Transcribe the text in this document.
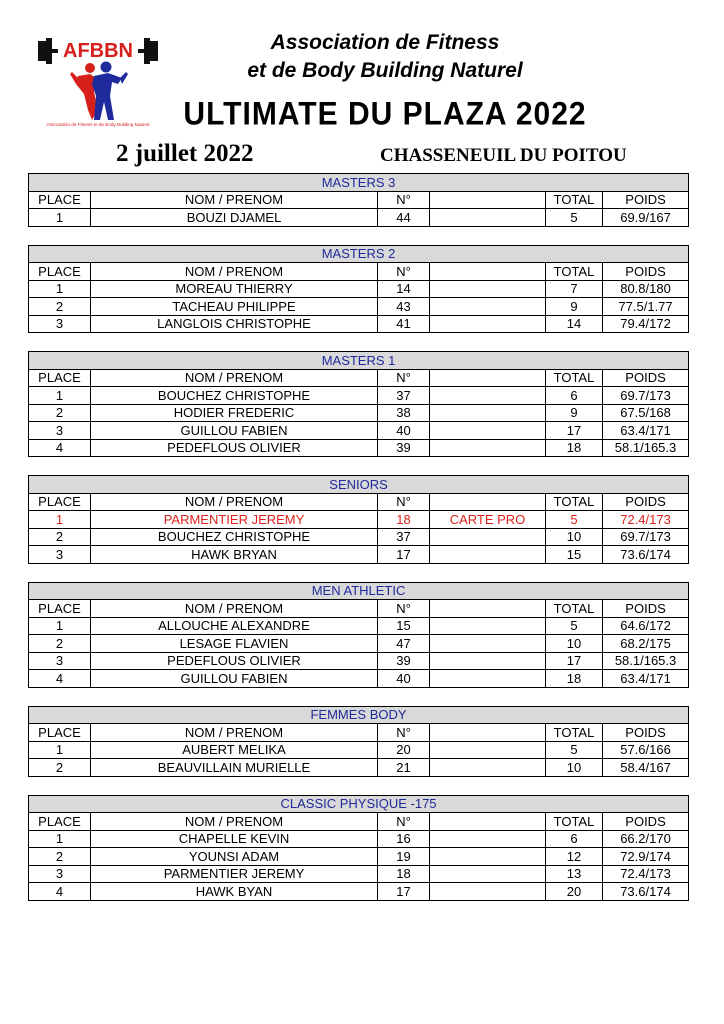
AFBBN
Association de Fitness et de Body Building Naturel
Association de Fitness
et de Body Building Naturel
ULTIMATE DU PLAZA 2022
2 juillet 2022	CHASSENEUIL DU POITOU
MASTERS 3					
PLACE	NOM / PRENOM	N°		TOTAL	POIDS
1	BOUZI DJAMEL	44		5	69.9/167
MASTERS 2					
PLACE	NOM / PRENOM	N°		TOTAL	POIDS
1	MOREAU THIERRY	14		7	80.8/180
2	TACHEAU PHILIPPE	43		9	77.5/1.77
3	LANGLOIS CHRISTOPHE	41		14	79.4/172
MASTERS 1					
PLACE	NOM / PRENOM	N°		TOTAL	POIDS
1	BOUCHEZ CHRISTOPHE	37		6	69.7/173
2	HODIER FREDERIC	38		9	67.5/168
3	GUILLOU FABIEN	40		17	63.4/171
4	PEDEFLOUS OLIVIER	39		18	58.1/165.3
SENIORS					
PLACE	NOM / PRENOM	N°		TOTAL	POIDS
1	PARMENTIER JEREMY	18	CARTE PRO	5	72.4/173
2	BOUCHEZ CHRISTOPHE	37		10	69.7/173
3	HAWK BRYAN	17		15	73.6/174
MEN ATHLETIC					
PLACE	NOM / PRENOM	N°		TOTAL	POIDS
1	ALLOUCHE ALEXANDRE	15		5	64.6/172
2	LESAGE FLAVIEN	47		10	68.2/175
3	PEDEFLOUS OLIVIER	39		17	58.1/165.3
4	GUILLOU FABIEN	40		18	63.4/171
FEMMES BODY					
PLACE	NOM / PRENOM	N°		TOTAL	POIDS
1	AUBERT MELIKA	20		5	57.6/166
2	BEAUVILLAIN MURIELLE	21		10	58.4/167
CLASSIC PHYSIQUE -175					
PLACE	NOM / PRENOM	N°		TOTAL	POIDS
1	CHAPELLE KEVIN	16		6	66.2/170
2	YOUNSI ADAM	19		12	72.9/174
3	PARMENTIER JEREMY	18		13	72.4/173
4	HAWK BYAN	17		20	73.6/174
